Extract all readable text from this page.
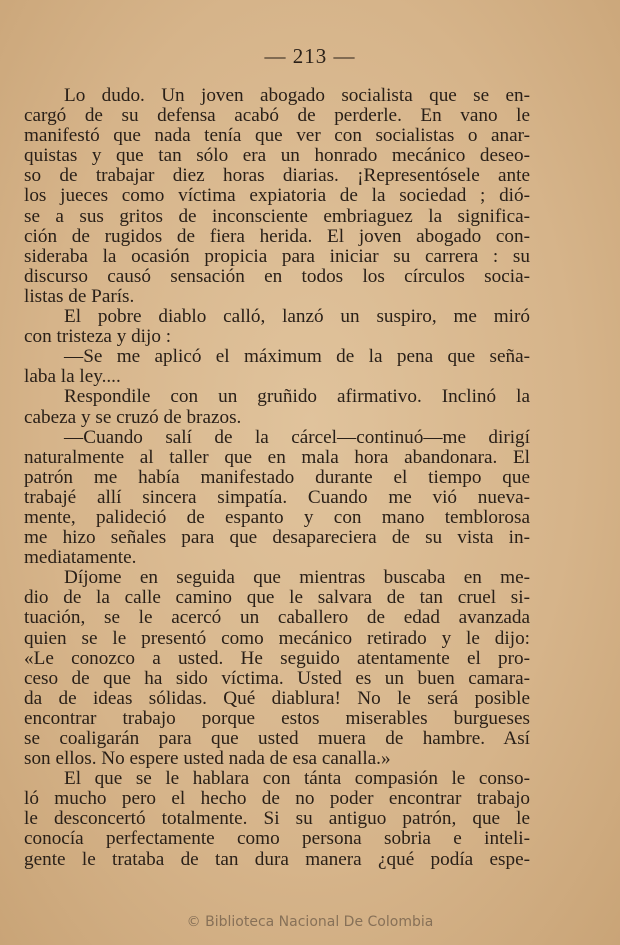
— 213 —
Lo dudo. Un joven abogado socialista que se en-
cargó de su defensa acabó de perderle. En vano le
manifestó que nada tenía que ver con socialistas o anar-
quistas y que tan sólo era un honrado mecánico deseo-
so de trabajar diez horas diarias. ¡Representósele ante
los jueces como víctima expiatoria de la sociedad ; dió-
se a sus gritos de inconsciente embriaguez la significa-
ción de rugidos de fiera herida. El joven abogado con-
sideraba la ocasión propicia para iniciar su carrera : su
discurso causó sensación en todos los círculos socia-
listas de París.
El pobre diablo calló, lanzó un suspiro, me miró
con tristeza y dijo :
—Se me aplicó el máximum de la pena que seña-
laba la ley....
Respondile con un gruñido afirmativo. Inclinó la
cabeza y se cruzó de brazos.
—Cuando salí de la cárcel—continuó—me dirigí
naturalmente al taller que en mala hora abandonara. El
patrón me había manifestado durante el tiempo que
trabajé allí sincera simpatía. Cuando me vió nueva-
mente, palideció de espanto y con mano temblorosa
me hizo señales para que desapareciera de su vista in-
mediatamente.
Díjome en seguida que mientras buscaba en me-
dio de la calle camino que le salvara de tan cruel si-
tuación, se le acercó un caballero de edad avanzada
quien se le presentó como mecánico retirado y le dijo:
«Le conozco a usted. He seguido atentamente el pro-
ceso de que ha sido víctima. Usted es un buen camara-
da de ideas sólidas. Qué diablura! No le será posible
encontrar trabajo porque estos miserables burgueses
se coaligarán para que usted muera de hambre. Así
son ellos. No espere usted nada de esa canalla.»
El que se le hablara con tánta compasión le conso-
ló mucho pero el hecho de no poder encontrar trabajo
le desconcertó totalmente. Si su antiguo patrón, que le
conocía perfectamente como persona sobria e inteli-
gente le trataba de tan dura manera ¿qué podía espe-
© Biblioteca Nacional De Colombia
